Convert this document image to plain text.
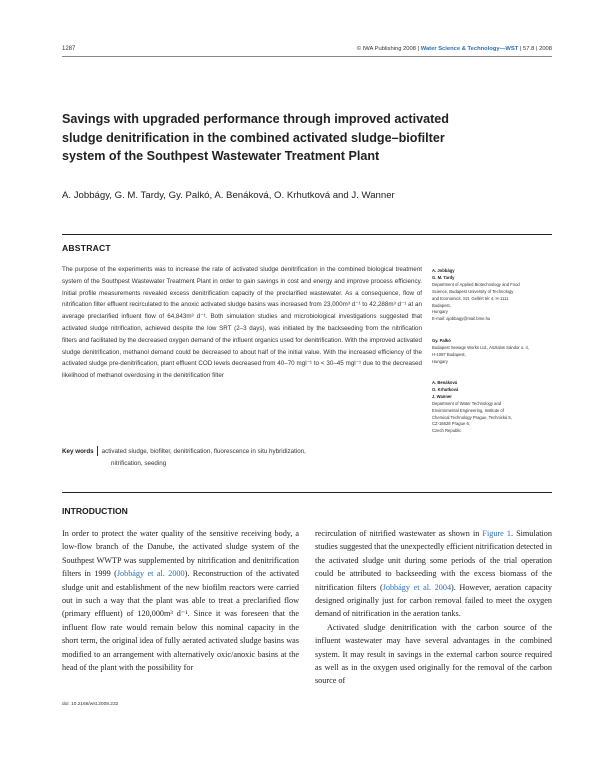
1287	© IWA Publishing 2008 | Water Science & Technology—WST | 57.8 | 2008
Savings with upgraded performance through improved activated sludge denitrification in the combined activated sludge–biofilter system of the Southpest Wastewater Treatment Plant
A. Jobbágy, G. M. Tardy, Gy. Palkó, A. Benáková, O. Krhutková and J. Wanner
ABSTRACT

The purpose of the experiments was to increase the rate of activated sludge denitrification in the combined biological treatment system of the Southpest Wastewater Treatment Plant in order to gain savings in cost and energy and improve process efficiency. Initial profile measurements revealed excess denitrification capacity of the preclarified wastewater. As a consequence, flow of nitrification filter effluent recirculated to the anoxic activated sludge basins was increased from 23,000m³ d⁻¹ to 42,288m³ d⁻¹ at an average preclarified influent flow of 64,843m³ d⁻¹. Both simulation studies and microbiological investigations suggested that activated sludge nitrification, achieved despite the low SRT (2–3 days), was initiated by the backseeding from the nitrification filters and facilitated by the decreased oxygen demand of the influent organics used for denitrification. With the improved activated sludge denitrification, methanol demand could be decreased to about half of the initial value. With the increased efficiency of the activated sludge pre-denitrification, plant effluent COD levels decreased from 40–70 mgl⁻¹ to < 30–45 mgl⁻¹ due to the decreased likelihood of methanol overdosing in the denitrification filter

Key words activated sludge, biofilter, denitrification, fluorescence in situ hybridization,
nitrification, seeding
A. Jobbágy
G. M. Tardy
Department of Applied Biotechnology and Food
Science, Budapest University of Technology
and Economics, Szt. Gellért tér 4, H-1111
Budapest,
Hungary
E-mail: ajobbagy@mail.bme.hu
Gy. Palkó
Budapest Sewage Works Ltd., Asztalos Sándor u. 4,
H-1087 Budapest,
Hungary
A. Benáková
O. Krhutková
J. Wanner
Department of Water Technology and
Environmental Engineering, Institute of
Chemical Technology Prague, Technická 5,
CZ-16628 Prague 6,
Czech Republic
INTRODUCTION

In order to protect the water quality of the sensitive receiving body, a low-flow branch of the Danube, the activated sludge system of the Southpest WWTP was supplemented by nitrification and denitrification filters in 1999 (Jobbágy et al. 2000). Reconstruction of the activated sludge unit and establishment of the new biofilm reactors were carried out in such a way that the plant was able to treat a preclarified flow (primary effluent) of 120,000m³ d⁻¹. Since it was foreseen that the influent flow rate would remain below this nominal capacity in the short term, the original idea of fully aerated activated sludge basins was modified to an arrangement with alternatively oxic/anoxic basins at the head of the plant with the possibility for

recirculation of nitrified wastewater as shown in Figure 1. Simulation studies suggested that the unexpectedly efficient nitrification detected in the activated sludge unit during some periods of the trial operation could be attributed to backseeding with the excess biomass of the nitrification filters (Jobbágy et al. 2004). However, aeration capacity designed originally just for carbon removal failed to meet the oxygen demand of nitrification in the aeration tanks.

Activated sludge denitrification with the carbon source of the influent wastewater may have several advantages in the combined system. It may result in savings in the external carbon source required as well as in the oxygen used originally for the removal of the carbon source of

doi: 10.2166/wst.2008.232
